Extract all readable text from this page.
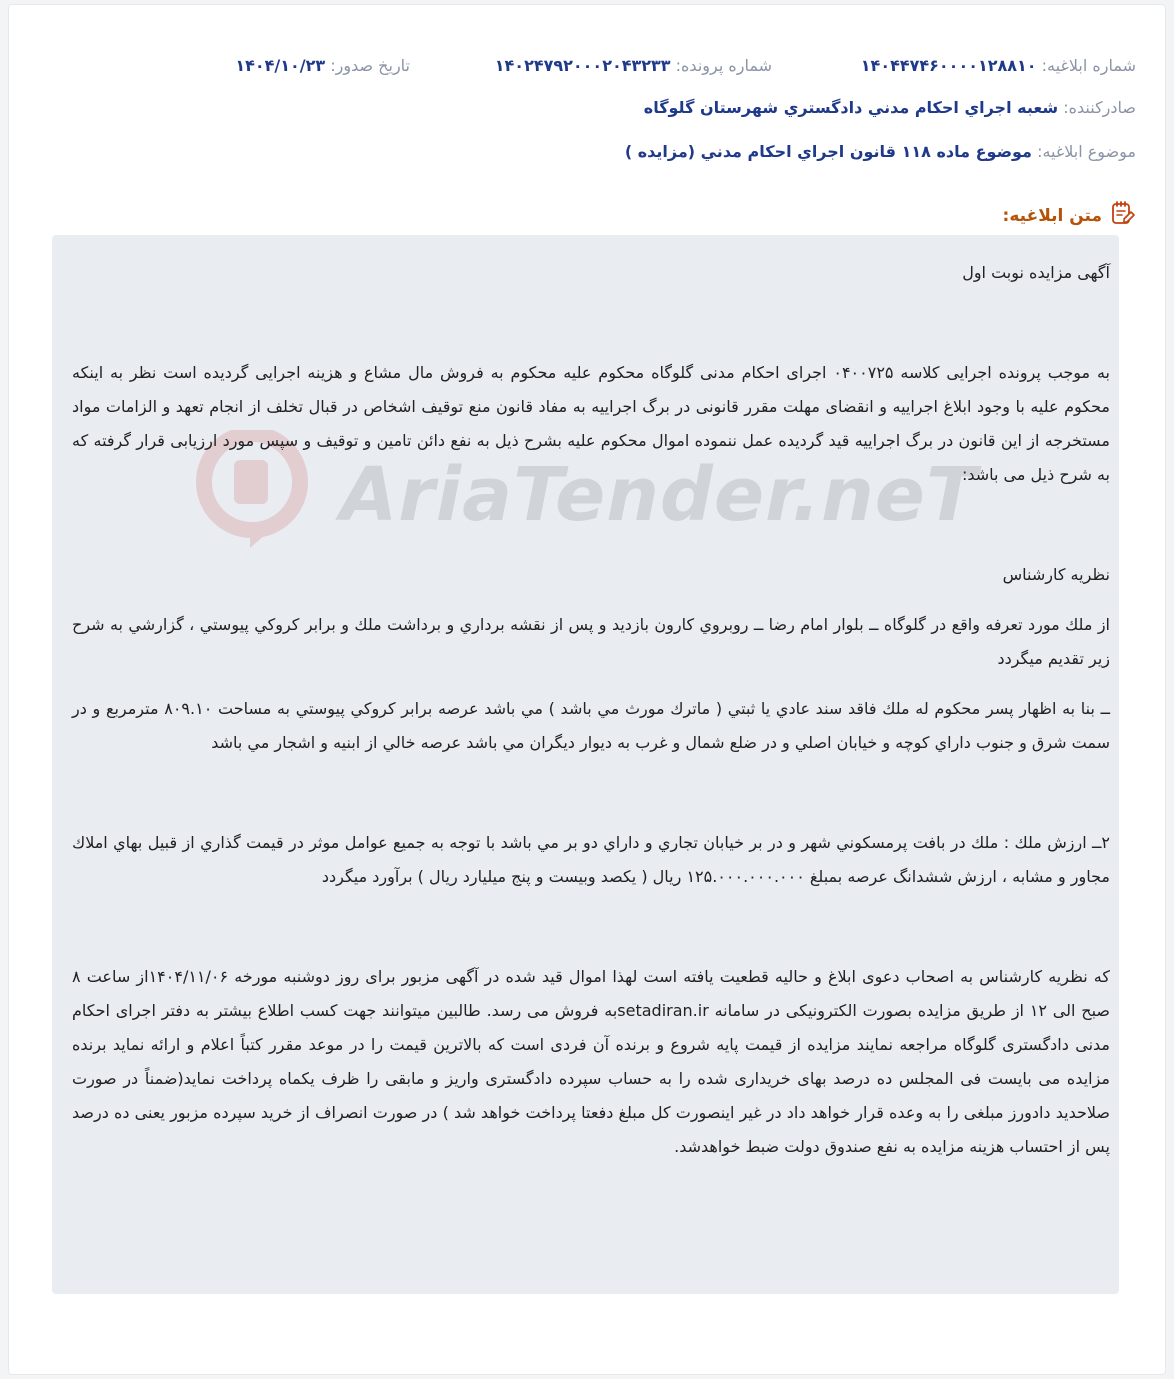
شماره ابلاغيه: ۱۴۰۴۴۷۴۶۰۰۰۰۱۲۸۸۱۰
شماره پرونده: ۱۴۰۲۴۷۹۲۰۰۰۲۰۴۳۲۳۳
تاریخ صدور: ۱۴۰۴/۱۰/۲۳
صادرکننده: شعبه اجراي احکام مدني دادگستري شهرستان گلوگاه
موضوع ابلاغيه: موضوع ماده ۱۱۸ قانون اجراي احکام مدني (مزايده )
متن ابلاغيه:
آگهی مزایده نوبت اول
به موجب پرونده اجرایی کلاسه ۰۴۰۰۷۲۵ اجرای احکام مدنی گلوگاه محکوم علیه محکوم به فروش مال مشاع و هزینه اجرایی گردیده است نظر به اینکه محکوم علیه با وجود ابلاغ اجراییه و انقضای مهلت مقرر قانونی در برگ اجراییه به مفاد قانون منع توقیف اشخاص در قبال تخلف از انجام تعهد و الزامات مواد مستخرجه از این قانون در برگ اجراییه قید گردیده عمل ننموده اموال محکوم علیه بشرح ذیل به نفع دائن تامین و توقیف و سپس مورد ارزیابی قرار گرفته که به شرح ذیل می باشد:
نظریه کارشناس
از ملك مورد تعرفه واقع در گلوگاه ــ بلوار امام رضا ــ روبروي كارون بازديد و پس از نقشه برداري و برداشت ملك و برابر كروكي پيوستي ، گزارشي به شرح زير تقديم ميگردد
ــ بنا به اظهار پسر محكوم له ملك فاقد سند عادي يا ثبتي ( ماترك مورث مي باشد ) مي باشد عرصه برابر كروكي پيوستي به مساحت ۸۰۹.۱۰ مترمربع و در سمت شرق و جنوب داراي كوچه و خيابان اصلي و در ضلع شمال و غرب به ديوار ديگران مي باشد عرصه خالي از ابنيه و اشجار مي باشد
۲ــ ارزش ملك : ملك در بافت پرمسكوني شهر و در بر خيابان تجاري و داراي دو بر مي باشد با توجه به جميع عوامل موثر در قيمت گذاري از قبيل بهاي املاك مجاور و مشابه ، ارزش ششدانگ عرصه بمبلغ ۱۲۵.۰۰۰.۰۰۰.۰۰۰ ريال ( يكصد وبيست و پنج ميليارد ريال ) برآورد ميگردد
که نظریه کارشناس به اصحاب دعوی ابلاغ و حالیه قطعیت یافته است لهذا اموال قید شده در آگهی مزبور برای روز دوشنبه مورخه ۱۴۰۴/۱۱/۰۶از ساعت ۸ صبح الی ۱۲ از طریق مزایده بصورت الکترونیکی در سامانه setadiran.irبه فروش می رسد. طالبین میتوانند جهت کسب اطلاع بیشتر به دفتر اجرای احکام مدنی دادگستری گلوگاه مراجعه نمایند مزایده از قیمت پایه شروع و برنده آن فردی است که بالاترین قیمت را در موعد مقرر کتباً اعلام و ارائه نماید برنده مزایده می بایست فی المجلس ده درصد بهای خریداری شده را به حساب سپرده دادگستری واریز و مابقی را ظرف یکماه پرداخت نماید(ضمناً در صورت صلاحدید دادورز مبلغی را به وعده قرار خواهد داد در غیر اینصورت کل مبلغ دفعتا پرداخت خواهد شد ) در صورت انصراف از خرید سپرده مزبور یعنی ده درصد پس از احتساب هزینه مزایده به نفع صندوق دولت ضبط خواهدشد.
